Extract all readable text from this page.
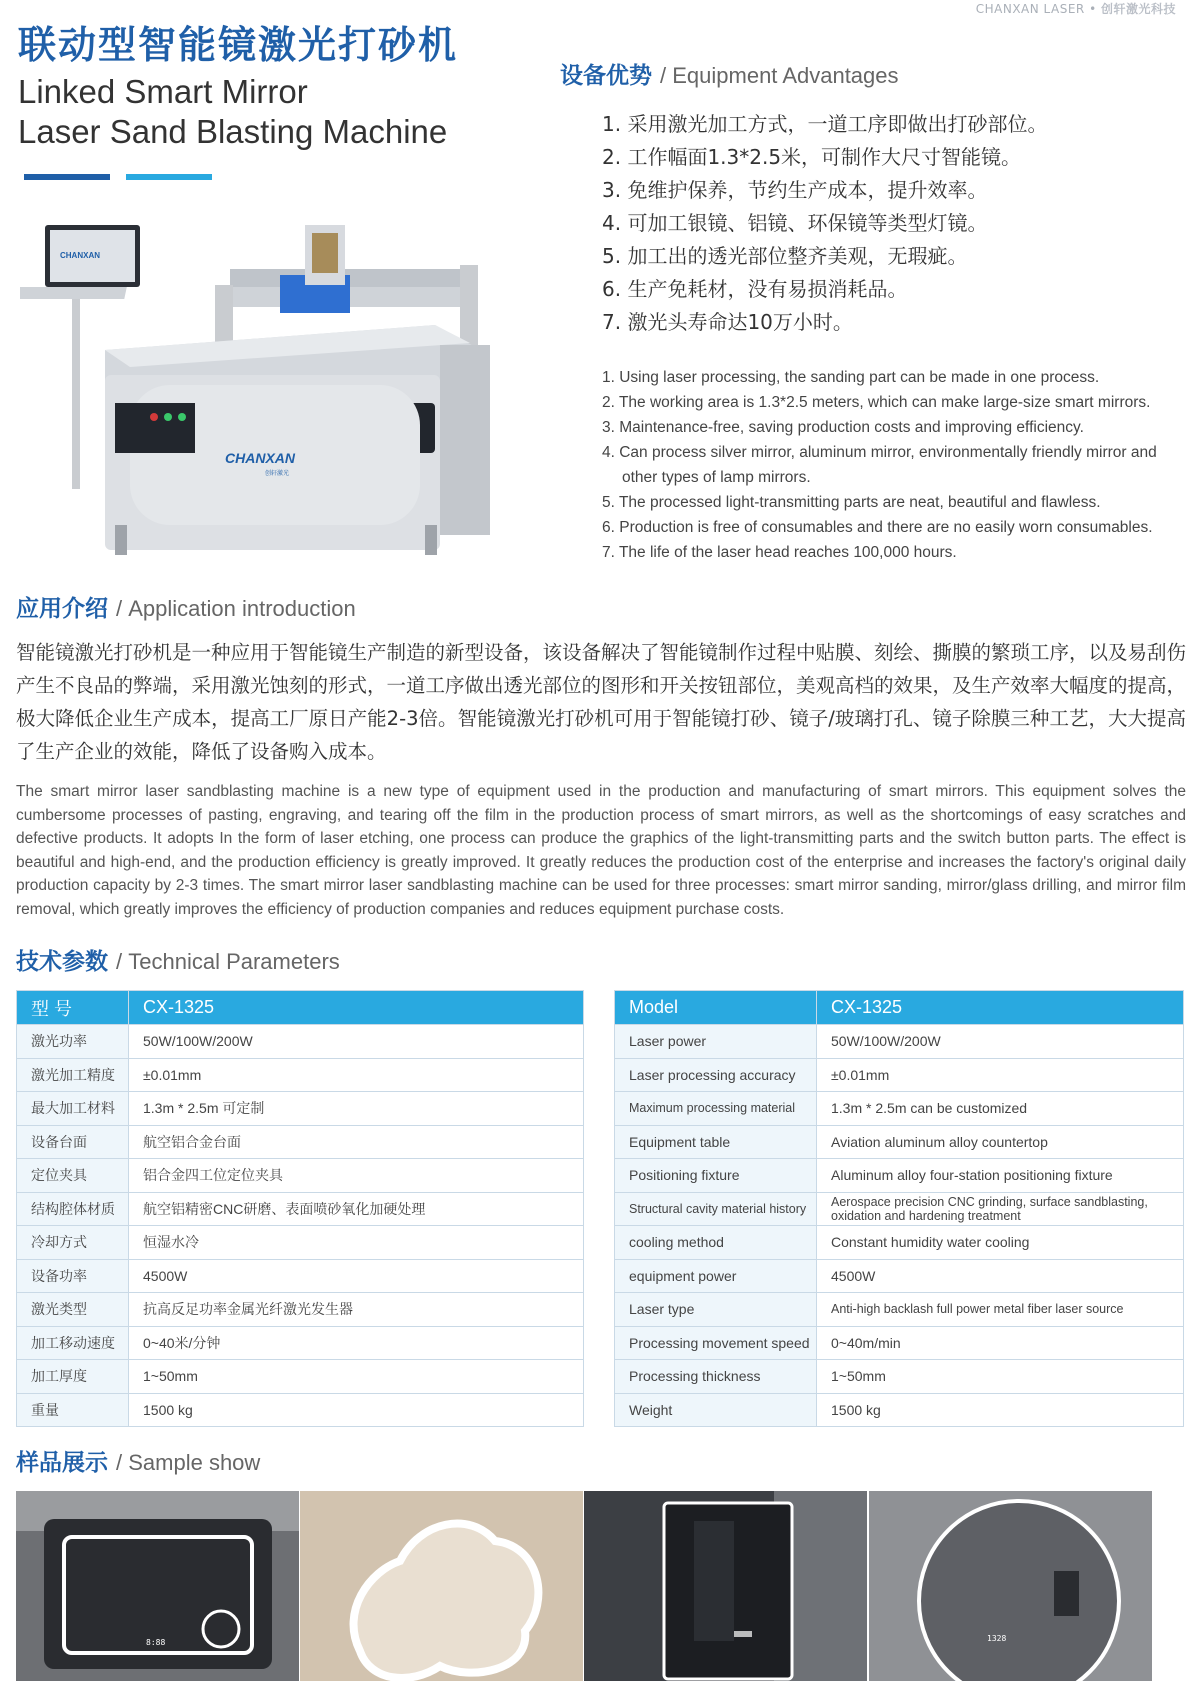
CHANXAN LASER • 创轩激光科技
联动型智能镜激光打砂机
Linked Smart Mirror
Laser Sand Blasting Machine
CHANXAN
CHANXAN
创轩激光
设备优势 / Equipment Advantages
1. 采用激光加工方式，一道工序即做出打砂部位。
2. 工作幅面1.3*2.5米，可制作大尺寸智能镜。
3. 免维护保养，节约生产成本，提升效率。
4. 可加工银镜、铝镜、环保镜等类型灯镜。
5. 加工出的透光部位整齐美观，无瑕疵。
6. 生产免耗材，没有易损消耗品。
7. 激光头寿命达10万小时。
1. Using laser processing, the sanding part can be made in one process.
2. The working area is 1.3*2.5 meters, which can make large-size smart mirrors.
3. Maintenance-free, saving production costs and improving efficiency.
4. Can process silver mirror, aluminum mirror, environmentally friendly mirror and other types of lamp mirrors.
5. The processed light-transmitting parts are neat, beautiful and flawless.
6. Production is free of consumables and there are no easily worn consumables.
7. The life of the laser head reaches 100,000 hours.
应用介绍 / Application introduction

智能镜激光打砂机是一种应用于智能镜生产制造的新型设备，该设备解决了智能镜制作过程中贴膜、刻绘、撕膜的繁琐工序，以及易刮伤产生不良品的弊端，采用激光蚀刻的形式，一道工序做出透光部位的图形和开关按钮部位，美观高档的效果，及生产效率大幅度的提高，极大降低企业生产成本，提高工厂原日产能2-3倍。智能镜激光打砂机可用于智能镜打砂、镜子/玻璃打孔、镜子除膜三种工艺，大大提高了生产企业的效能，降低了设备购入成本。

The smart mirror laser sandblasting machine is a new type of equipment used in the production and manufacturing of smart mirrors. This equipment solves the cumbersome processes of pasting, engraving, and tearing off the film in the production process of smart mirrors, as well as the shortcomings of easy scratches and defective products. It adopts In the form of laser etching, one process can produce the graphics of the light-transmitting parts and the switch button parts. The effect is beautiful and high-end, and the production efficiency is greatly improved. It greatly reduces the production cost of the enterprise and increases the factory's original daily production capacity by 2-3 times. The smart mirror laser sandblasting machine can be used for three processes: smart mirror sanding, mirror/glass drilling, and mirror film removal, which greatly improves the efficiency of production companies and reduces equipment purchase costs.

技术参数 / Technical Parameters
型 号	CX-1325
激光功率	50W/100W/200W
激光加工精度	±0.01mm
最大加工材料	1.3m * 2.5m 可定制
设备台面	航空铝合金台面
定位夹具	铝合金四工位定位夹具
结构腔体材质	航空铝精密CNC研磨、表面喷砂氧化加硬处理
冷却方式	恒湿水冷
设备功率	4500W
激光类型	抗高反足功率金属光纤激光发生器
加工移动速度	0~40米/分钟
加工厚度	1~50mm
重量	1500 kg
Model	CX-1325
Laser power	50W/100W/200W
Laser processing accuracy	±0.01mm
Maximum processing material	1.3m * 2.5m can be customized
Equipment table	Aviation aluminum alloy countertop
Positioning fixture	Aluminum alloy four-station positioning fixture
Structural cavity material history	Aerospace precision CNC grinding, surface sandblasting, oxidation and hardening treatment
cooling method	Constant humidity water cooling
equipment power	4500W
Laser type	Anti-high backlash full power metal fiber laser source
Processing movement speed	0~40m/min
Processing thickness	1~50mm
Weight	1500 kg
样品展示 / Sample show
8:88	1328
